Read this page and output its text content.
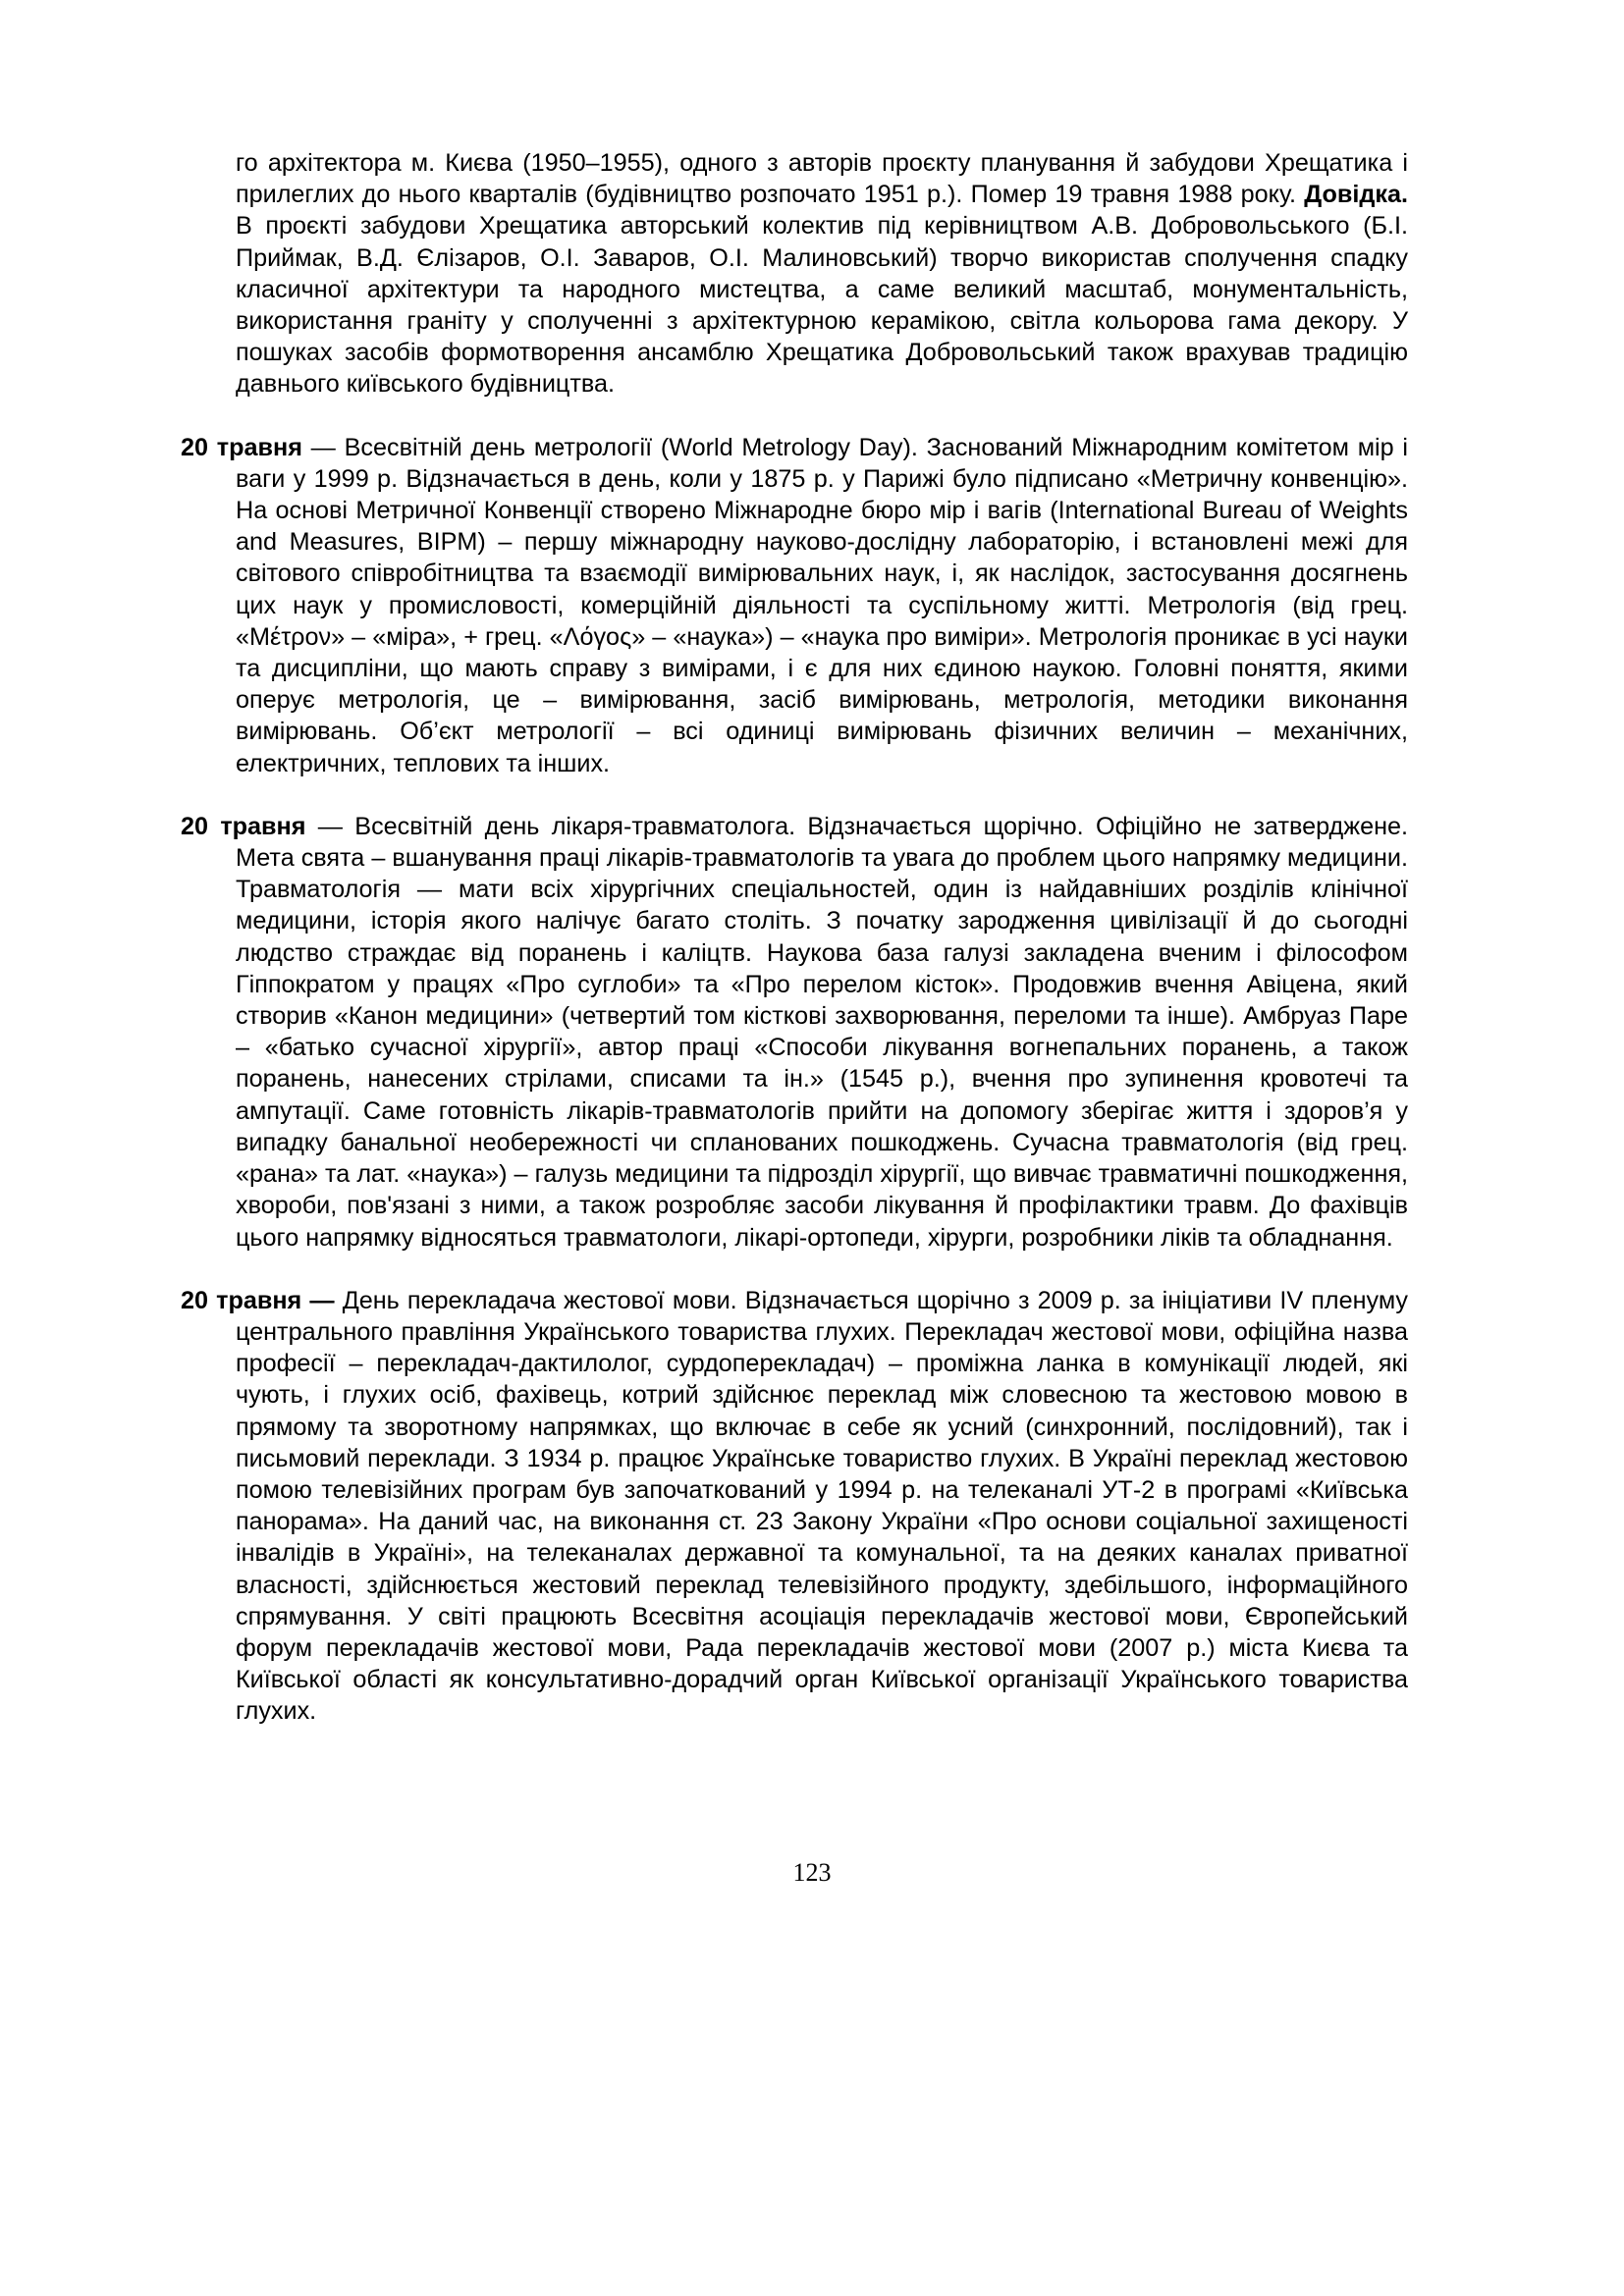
го архітектора м. Києва (1950–1955), одного з авторів проєкту планування й забудови Хрещатика і прилеглих до нього кварталів (будівництво розпочато 1951 р.). Помер 19 травня 1988 року. Довідка. В проєкті забудови Хрещатика авторський колектив під керівництвом А.В. Добровольського (Б.І. Приймак, В.Д. Єлізаров, О.І. Заваров, О.І. Малиновський) творчо використав сполучення спадку класичної архітектури та народного мистецтва, а саме великий масштаб, монументальність, використання граніту у сполученні з архітектурною керамікою, світла кольорова гама декору. У пошуках засобів формотворення ансамблю Хрещатика Добровольський також врахував традицію давнього київського будівництва.

20 травня — Всесвітній день метрології (World Metrology Day). Заснований Міжнародним комітетом мір і ваги у 1999 р. Відзначається в день, коли у 1875 р. у Парижі було підписано «Метричну конвенцію». На основі Метричної Конвенції створено Міжнародне бюро мір і вагів (International Bureau of Weights and Measures, BIPM) – першу міжнародну науково-дослідну лабораторію, і встановлені межі для світового співробітництва та взаємодії вимірювальних наук, і, як наслідок, застосування досягнень цих наук у промисловості, комерційній діяльності та суспільному житті. Метрологія (від грец. «Μέτρον» – «міра», + грец. «Λόγος» – «наука») – «наука про виміри». Метрологія проникає в усі науки та дисципліни, що мають справу з вимірами, і є для них єдиною наукою. Головні поняття, якими оперує метрологія, це – вимірювання, засіб вимірювань, метрологія, методики виконання вимірювань. Об’єкт метрології – всі одиниці вимірювань фізичних величин – механічних, електричних, теплових та інших.

20 травня — Всесвітній день лікаря-травматолога. Відзначається щорічно. Офіційно не затверджене. Мета свята – вшанування праці лікарів-травматологів та увага до проблем цього напрямку медицини. Травматологія — мати всіх хірургічних спеціальностей, один із найдавніших розділів клінічної медицини, історія якого налічує багато століть. З початку зародження цивілізації й до сьогодні людство страждає від поранень і каліцтв. Наукова база галузі закладена вченим і філософом Гіппократом у працях «Про суглоби» та «Про перелом кісток». Продовжив вчення Авіцена, який створив «Канон медицини» (четвертий том кісткові захворювання, переломи та інше). Амбруаз Паре – «батько сучасної хірургії», автор праці «Способи лікування вогнепальних поранень, а також поранень, нанесених стрілами, списами та ін.» (1545 р.), вчення про зупинення кровотечі та ампутації. Саме готовність лікарів-травматологів прийти на допомогу зберігає життя і здоров’я у випадку банальної необережності чи спланованих пошкоджень. Сучасна травматологія (від грец. «рана» та лат. «наука») – галузь медицини та підрозділ хірургії, що вивчає травматичні пошкодження, хвороби, пов'язані з ними, а також розробляє засоби лікування й профілактики травм. До фахівців цього напрямку відносяться травматологи, лікарі-ортопеди, хірурги, розробники ліків та обладнання.

20 травня — День перекладача жестової мови. Відзначається щорічно з 2009 р. за ініціативи IV пленуму центрального правління Українського товариства глухих. Перекладач жестової мови, офіційна назва професії – перекладач-дактилолог, сурдоперекладач) – проміжна ланка в комунікації людей, які чують, і глухих осіб, фахівець, котрий здійснює переклад між словесною та жестовою мовою в прямому та зворотному напрямках, що включає в себе як усний (синхронний, послідовний), так і письмовий переклади. З 1934 р. працює Українське товариство глухих. В Україні переклад жестовою помою телевізійних програм був започаткований у 1994 р. на телеканалі УТ-2 в програмі «Київська панорама». На даний час, на виконання ст. 23 Закону України «Про основи соціальної захищеності інвалідів в Україні», на телеканалах державної та комунальної, та на деяких каналах приватної власності, здійснюється жестовий переклад телевізійного продукту, здебільшого, інформаційного спрямування. У світі працюють Всесвітня асоціація перекладачів жестової мови, Європейський форум перекладачів жестової мови, Рада перекладачів жестової мови (2007 р.) міста Києва та Київської області як консультативно-дорадчий орган Київської організації Українського товариства глухих.

123
